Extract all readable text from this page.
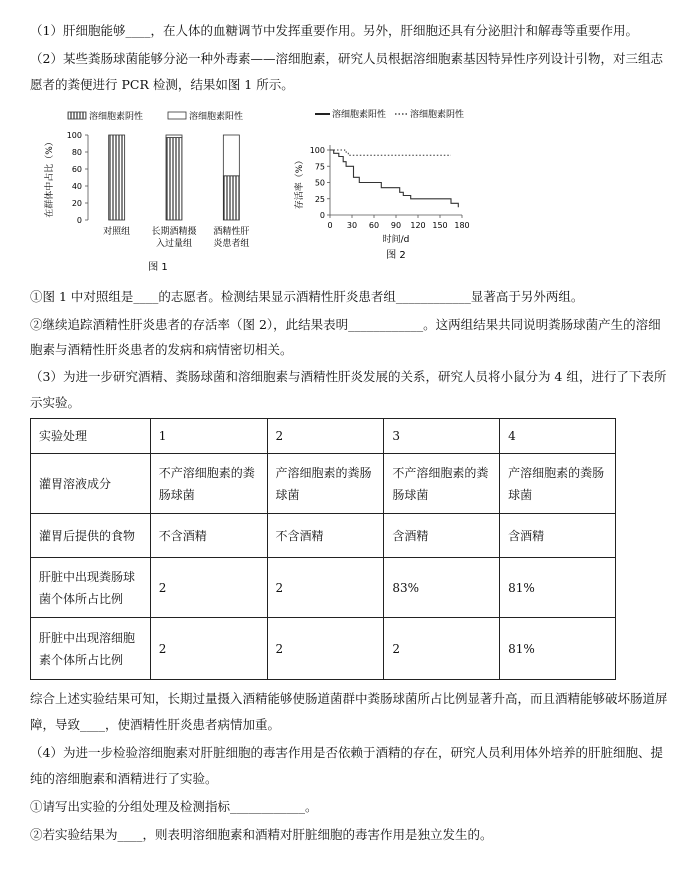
（1）肝细胞能够____，在人体的血糖调节中发挥重要作用。另外，肝细胞还具有分泌胆汁和解毒等重要作用。
（2）某些粪肠球菌能够分泌一种外毒素——溶细胞素，研究人员根据溶细胞素基因特异性序列设计引物，对三组志
愿者的粪便进行 PCR 检测，结果如图 1 所示。
溶细胞素阴性	溶细胞素阳性
0
20
40
60
80
100
在群体中占比（%）
对照组 长期酒精摄
入过量组
酒精性肝
炎患者组
图 1
溶细胞素阳性	溶细胞素阴性
0
25
50
75
100
0 30 60 90 120 150 180
存活率（%）
时间/d
图 2
①图 1 中对照组是____的志愿者。检测结果显示酒精性肝炎患者组____________显著高于另外两组。
②继续追踪酒精性肝炎患者的存活率（图 2），此结果表明____________。这两组结果共同说明粪肠球菌产生的溶细
胞素与酒精性肝炎患者的发病和病情密切相关。
（3）为进一步研究酒精、粪肠球菌和溶细胞素与酒精性肝炎发展的关系，研究人员将小鼠分为 4 组，进行了下表所
示实验。
实验处理	1	2	3	4
灌胃溶液成分	不产溶细胞素的粪肠球菌	产溶细胞素的粪肠球菌	不产溶细胞素的粪肠球菌	产溶细胞素的粪肠球菌
灌胃后提供的食物	不含酒精	不含酒精	含酒精	含酒精
肝脏中出现粪肠球菌个体所占比例	2	2	83%	81%
肝脏中出现溶细胞素个体所占比例	2	2	2	81%
综合上述实验结果可知，长期过量摄入酒精能够使肠道菌群中粪肠球菌所占比例显著升高，而且酒精能够破坏肠道屏
障，导致____，使酒精性肝炎患者病情加重。
（4）为进一步检验溶细胞素对肝脏细胞的毒害作用是否依赖于酒精的存在，研究人员利用体外培养的肝脏细胞、提
纯的溶细胞素和酒精进行了实验。
①请写出实验的分组处理及检测指标____________。
②若实验结果为____，则表明溶细胞素和酒精对肝脏细胞的毒害作用是独立发生的。
